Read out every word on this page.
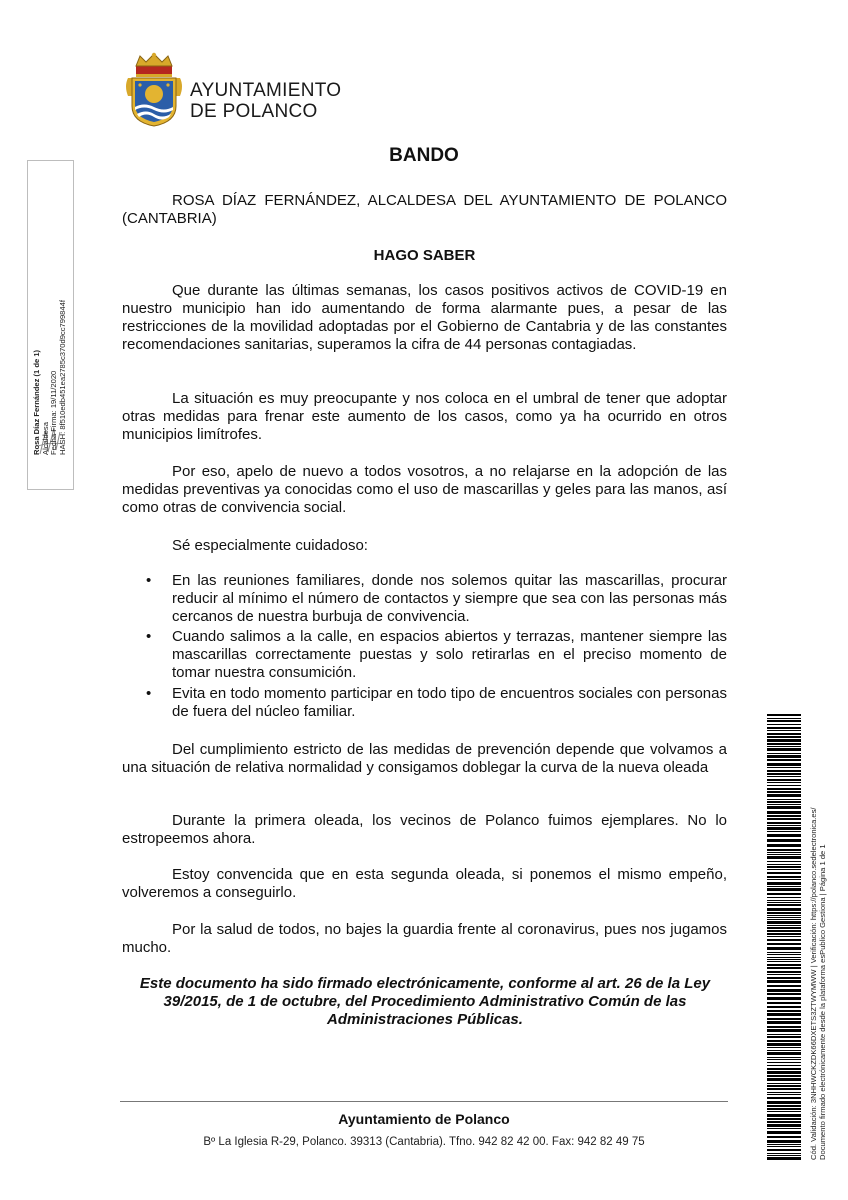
AYUNTAMIENTO
DE POLANCO
Rosa Díaz Fernández (1 de 1) Alcaldesa Fecha Firma: 19/11/2020 HASH: 8f510edb451ea2785c370d9cc799844f
BANDO

ROSA DÍAZ FERNÁNDEZ, ALCALDESA DEL AYUNTAMIENTO DE POLANCO (CANTABRIA)

HAGO SABER

Que durante las últimas semanas, los casos positivos activos de COVID-19 en nuestro municipio han ido aumentando de forma alarmante pues, a pesar de las restricciones de la movilidad adoptadas por el Gobierno de Cantabria y de las constantes recomendaciones sanitarias, superamos la cifra de 44 personas contagiadas.

La situación es muy preocupante y nos coloca en el umbral de tener que adoptar otras medidas para frenar este aumento de los casos, como ya ha ocurrido en otros municipios limítrofes.

Por eso, apelo de nuevo a todos vosotros, a no relajarse en la adopción de las medidas preventivas ya conocidas como el uso de mascarillas y geles para las manos, así como otras de convivencia social.

Sé especialmente cuidadoso:

• En las reuniones familiares, donde nos solemos quitar las mascarillas, procurar reducir al mínimo el número de contactos y siempre que sea con las personas más cercanos de nuestra burbuja de convivencia.

• Cuando salimos a la calle, en espacios abiertos y terrazas, mantener siempre las mascarillas correctamente puestas y solo retirarlas en el preciso momento de tomar nuestra consumición.

• Evita en todo momento participar en todo tipo de encuentros sociales con personas de fuera del núcleo familiar.

Del cumplimiento estricto de las medidas de prevención depende que volvamos a una situación de relativa normalidad y consigamos doblegar la curva de la nueva oleada

Durante la primera oleada, los vecinos de Polanco fuimos ejemplares. No lo estropeemos ahora.

Estoy convencida que en esta segunda oleada, si ponemos el mismo empeño, volveremos a conseguirlo.

Por la salud de todos, no bajes la guardia frente al coronavirus, pues nos jugamos mucho.

Este documento ha sido firmado electrónicamente, conforme al art. 26 de la Ley 39/2015, de 1 de octubre, del Procedimiento Administrativo Común de las Administraciones Públicas.
Ayuntamiento de Polanco
Bº La Iglesia R-29, Polanco. 39313 (Cantabria). Tfno. 942 82 42 00. Fax: 942 82 49 75	Cód. Validación: 3NHHWCKZDK66DXETS3ZTWYMWW | Verificación: https://polanco.sedelectronica.es/ Documento firmado electrónicamente desde la plataforma esPublico Gestiona | Página 1 de 1
